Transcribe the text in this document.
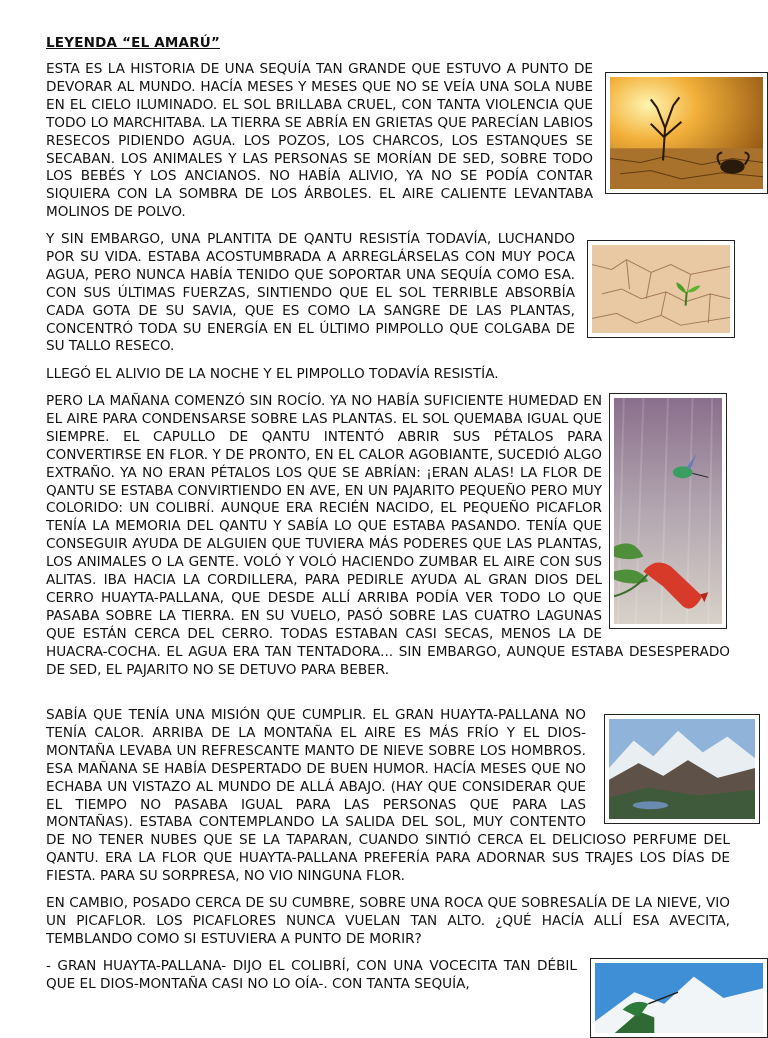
LEYENDA “EL AMARÚ”

ESTA ES LA HISTORIA DE UNA SEQUÍA TAN GRANDE QUE ESTUVO A PUNTO DE DEVORAR AL MUNDO. HACÍA MESES Y MESES QUE NO SE VEÍA UNA SOLA NUBE EN EL CIELO ILUMINADO. EL SOL BRILLABA CRUEL, CON TANTA VIOLENCIA QUE TODO LO MARCHITABA. LA TIERRA SE ABRÍA EN GRIETAS QUE PARECÍAN LABIOS RESECOS PIDIENDO AGUA. LOS POZOS, LOS CHARCOS, LOS ESTANQUES SE SECABAN. LOS ANIMALES Y LAS PERSONAS SE MORÍAN DE SED, SOBRE TODO LOS BEBÉS Y LOS ANCIANOS. NO HABÍA ALIVIO, YA NO SE PODÍA CONTAR SIQUIERA CON LA SOMBRA DE LOS ÁRBOLES. EL AIRE CALIENTE LEVANTABA MOLINOS DE POLVO.

Y SIN EMBARGO, UNA PLANTITA DE QANTU RESISTÍA TODAVÍA, LUCHANDO POR SU VIDA. ESTABA ACOSTUMBRADA A ARREGLÁRSELAS CON MUY POCA AGUA, PERO NUNCA HABÍA TENIDO QUE SOPORTAR UNA SEQUÍA COMO ESA. CON SUS ÚLTIMAS FUERZAS, SINTIENDO QUE EL SOL TERRIBLE ABSORBÍA CADA GOTA DE SU SAVIA, QUE ES COMO LA SANGRE DE LAS PLANTAS, CONCENTRÓ TODA SU ENERGÍA EN EL ÚLTIMO PIMPOLLO QUE COLGABA DE SU TALLO RESECO.

LLEGÓ EL ALIVIO DE LA NOCHE Y EL PIMPOLLO TODAVÍA RESISTÍA.

PERO LA MAÑANA COMENZÓ SIN ROCÍO. YA NO HABÍA SUFICIENTE HUMEDAD EN EL AIRE PARA CONDENSARSE SOBRE LAS PLANTAS. EL SOL QUEMABA IGUAL QUE SIEMPRE. EL CAPULLO DE QANTU INTENTÓ ABRIR SUS PÉTALOS PARA CONVERTIRSE EN FLOR. Y DE PRONTO, EN EL CALOR AGOBIANTE, SUCEDIÓ ALGO EXTRAÑO. YA NO ERAN PÉTALOS LOS QUE SE ABRÍAN: ¡ERAN ALAS! LA FLOR DE QANTU SE ESTABA CONVIRTIENDO EN AVE, EN UN PAJARITO PEQUEÑO PERO MUY COLORIDO: UN COLIBRÍ. AUNQUE ERA RECIÉN NACIDO, EL PEQUEÑO PICAFLOR TENÍA LA MEMORIA DEL QANTU Y SABÍA LO QUE ESTABA PASANDO. TENÍA QUE CONSEGUIR AYUDA DE ALGUIEN QUE TUVIERA MÁS PODERES QUE LAS PLANTAS, LOS ANIMALES O LA GENTE. VOLÓ Y VOLÓ HACIENDO ZUMBAR EL AIRE CON SUS ALITAS. IBA HACIA LA CORDILLERA, PARA PEDIRLE AYUDA AL GRAN DIOS DEL CERRO HUAYTA-PALLANA, QUE DESDE ALLÍ ARRIBA PODÍA VER TODO LO QUE PASABA SOBRE LA TIERRA. EN SU VUELO, PASÓ SOBRE LAS CUATRO LAGUNAS QUE ESTÁN CERCA DEL CERRO. TODAS ESTABAN CASI SECAS, MENOS LA DE HUACRA-COCHA. EL AGUA ERA TAN TENTADORA... SIN EMBARGO, AUNQUE ESTABA DESESPERADO DE SED, EL PAJARITO NO SE DETUVO PARA BEBER.
SABÍA QUE TENÍA UNA MISIÓN QUE CUMPLIR. EL GRAN HUAYTA-PALLANA NO TENÍA CALOR. ARRIBA DE LA MONTAÑA EL AIRE ES MÁS FRÍO Y EL DIOS-MONTAÑA LEVABA UN REFRESCANTE MANTO DE NIEVE SOBRE LOS HOMBROS. ESA MAÑANA SE HABÍA DESPERTADO DE BUEN HUMOR. HACÍA MESES QUE NO ECHABA UN VISTAZO AL MUNDO DE ALLÁ ABAJO. (HAY QUE CONSIDERAR QUE EL TIEMPO NO PASABA IGUAL PARA LAS PERSONAS QUE PARA LAS MONTAÑAS). ESTABA CONTEMPLANDO LA SALIDA DEL SOL, MUY CONTENTO DE NO TENER NUBES QUE SE LA TAPARAN, CUANDO SINTIÓ CERCA EL DELICIOSO PERFUME DEL QANTU. ERA LA FLOR QUE HUAYTA-PALLANA PREFERÍA PARA ADORNAR SUS TRAJES LOS DÍAS DE FIESTA. PARA SU SORPRESA, NO VIO NINGUNA FLOR.

EN CAMBIO, POSADO CERCA DE SU CUMBRE, SOBRE UNA ROCA QUE SOBRESALÍA DE LA NIEVE, VIO UN PICAFLOR. LOS PICAFLORES NUNCA VUELAN TAN ALTO. ¿QUÉ HACÍA ALLÍ ESA AVECITA, TEMBLANDO COMO SI ESTUVIERA A PUNTO DE MORIR?

- GRAN HUAYTA-PALLANA- DIJO EL COLIBRÍ, CON UNA VOCECITA TAN DÉBIL QUE EL DIOS-MONTAÑA CASI NO LO OÍA-. CON TANTA SEQUÍA,
